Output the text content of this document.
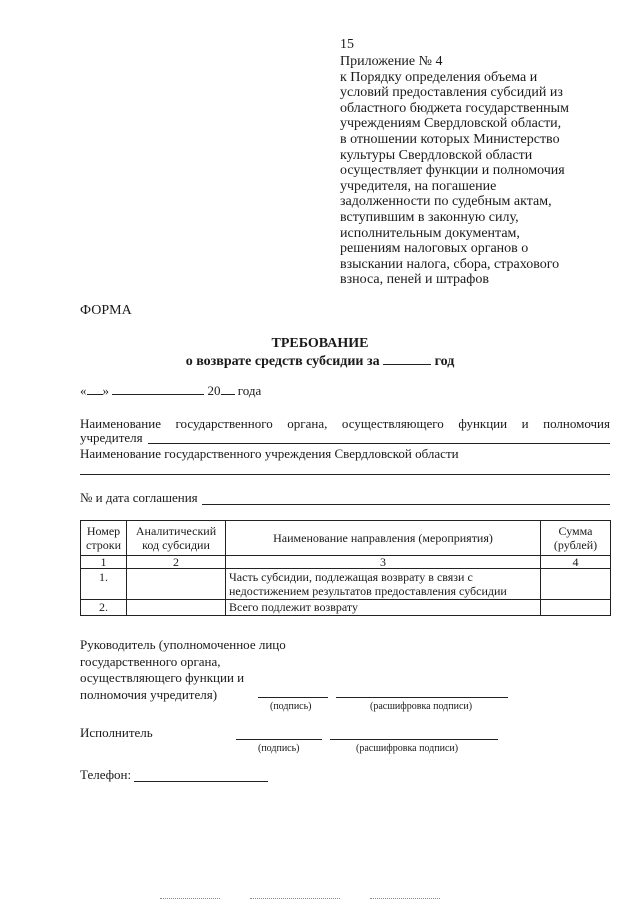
15
Приложение № 4
к Порядку определения объема и
условий предоставления субсидий из
областного бюджета государственным
учреждениям Свердловской области,
в отношении которых Министерство
культуры Свердловской области
осуществляет функции и полномочия
учредителя, на погашение
задолженности по судебным актам,
вступившим в законную силу,
исполнительным документам,
решениям налоговых органов о
взыскании налога, сбора, страхового
взноса, пеней и штрафов
ФОРМА
ТРЕБОВАНИЕ
о возврате средств субсидии за	год
« »	20 года
Наименование государственного органа, осуществляющего функции и полномочия
учредителя
Наименование государственного учреждения Свердловской области
№ и дата соглашения
Номер строки	Аналитический код субсидии	Наименование направления (мероприятия)	Сумма (рублей)
1	2	3	4
1.		Часть субсидии, подлежащая возврату в связи с недостижением результатов предоставления субсидии	
2.		Всего подлежит возврату	
Руководитель (уполномоченное лицо
государственного органа,
осуществляющего функции и
полномочия учредителя)
(подпись)	(расшифровка подписи)
Исполнитель
(подпись)	(расшифровка подписи)
Телефон:
